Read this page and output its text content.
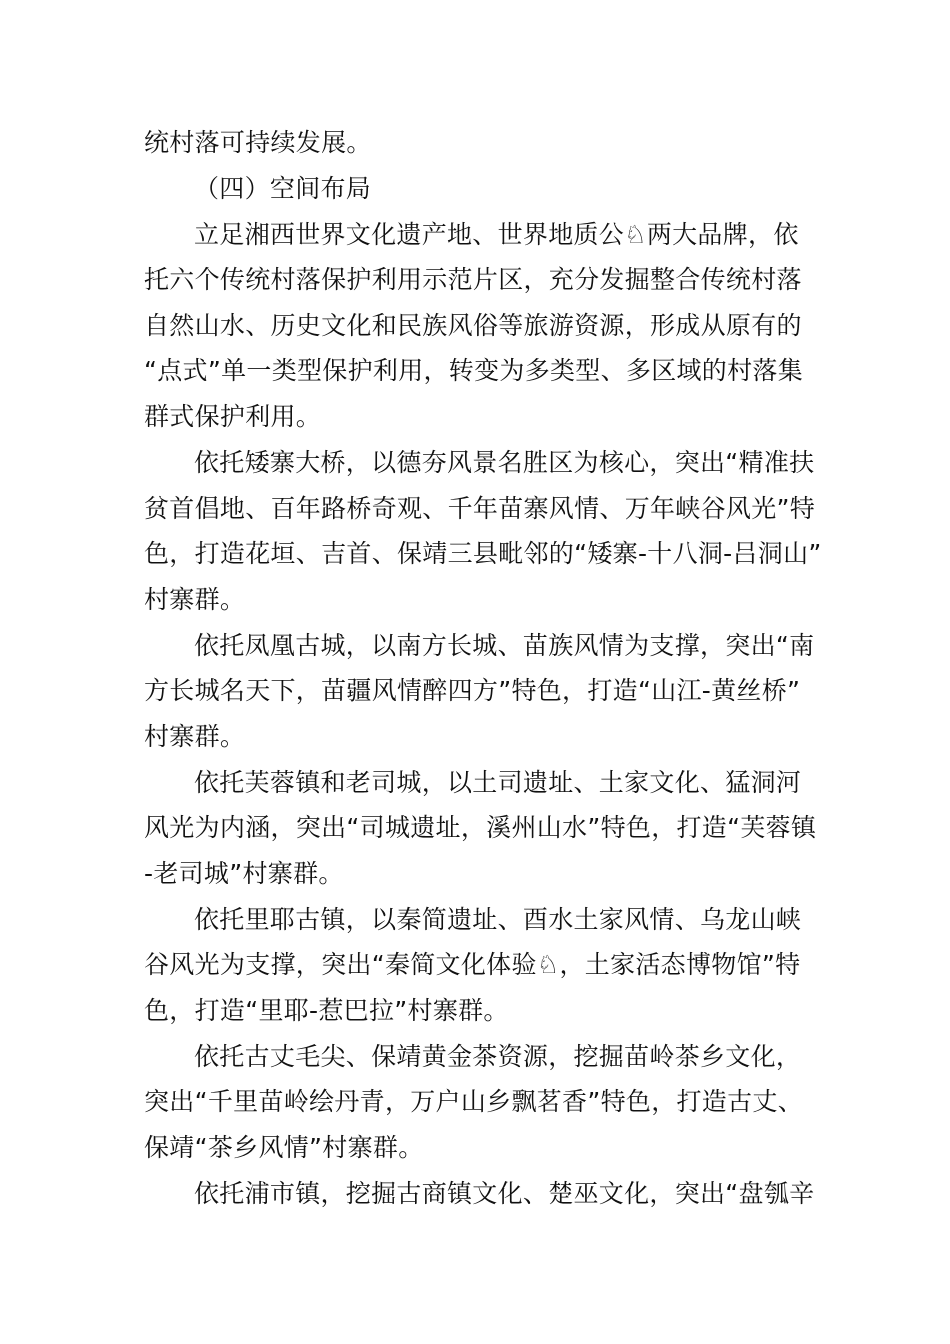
统村落可持续发展。
（四）空间布局
立足湘西世界文化遗产地、世界地质公♘两大品牌，依
托六个传统村落保护利用示范片区，充分发掘整合传统村落
自然山水、历史文化和民族风俗等旅游资源，形成从原有的
“点式”单一类型保护利用，转变为多类型、多区域的村落集
群式保护利用。
依托矮寨大桥，以德夯风景名胜区为核心，突出“精准扶
贫首倡地、百年路桥奇观、千年苗寨风情、万年峡谷风光”特
色，打造花垣、吉首、保靖三县毗邻的“矮寨-十八洞-吕洞山”
村寨群。
依托凤凰古城，以南方长城、苗族风情为支撑，突出“南
方长城名天下，苗疆风情醉四方”特色，打造“山江-黄丝桥”
村寨群。
依托芙蓉镇和老司城，以土司遗址、土家文化、猛洞河
风光为内涵，突出“司城遗址，溪州山水”特色，打造“芙蓉镇
-老司城”村寨群。
依托里耶古镇，以秦简遗址、酉水土家风情、乌龙山峡
谷风光为支撑，突出“秦简文化体验♘，土家活态博物馆”特
色，打造“里耶-惹巴拉”村寨群。
依托古丈毛尖、保靖黄金茶资源，挖掘苗岭茶乡文化，
突出“千里苗岭绘丹青，万户山乡飘茗香”特色，打造古丈、
保靖“茶乡风情”村寨群。
依托浦市镇，挖掘古商镇文化、楚巫文化，突出“盘瓠辛
